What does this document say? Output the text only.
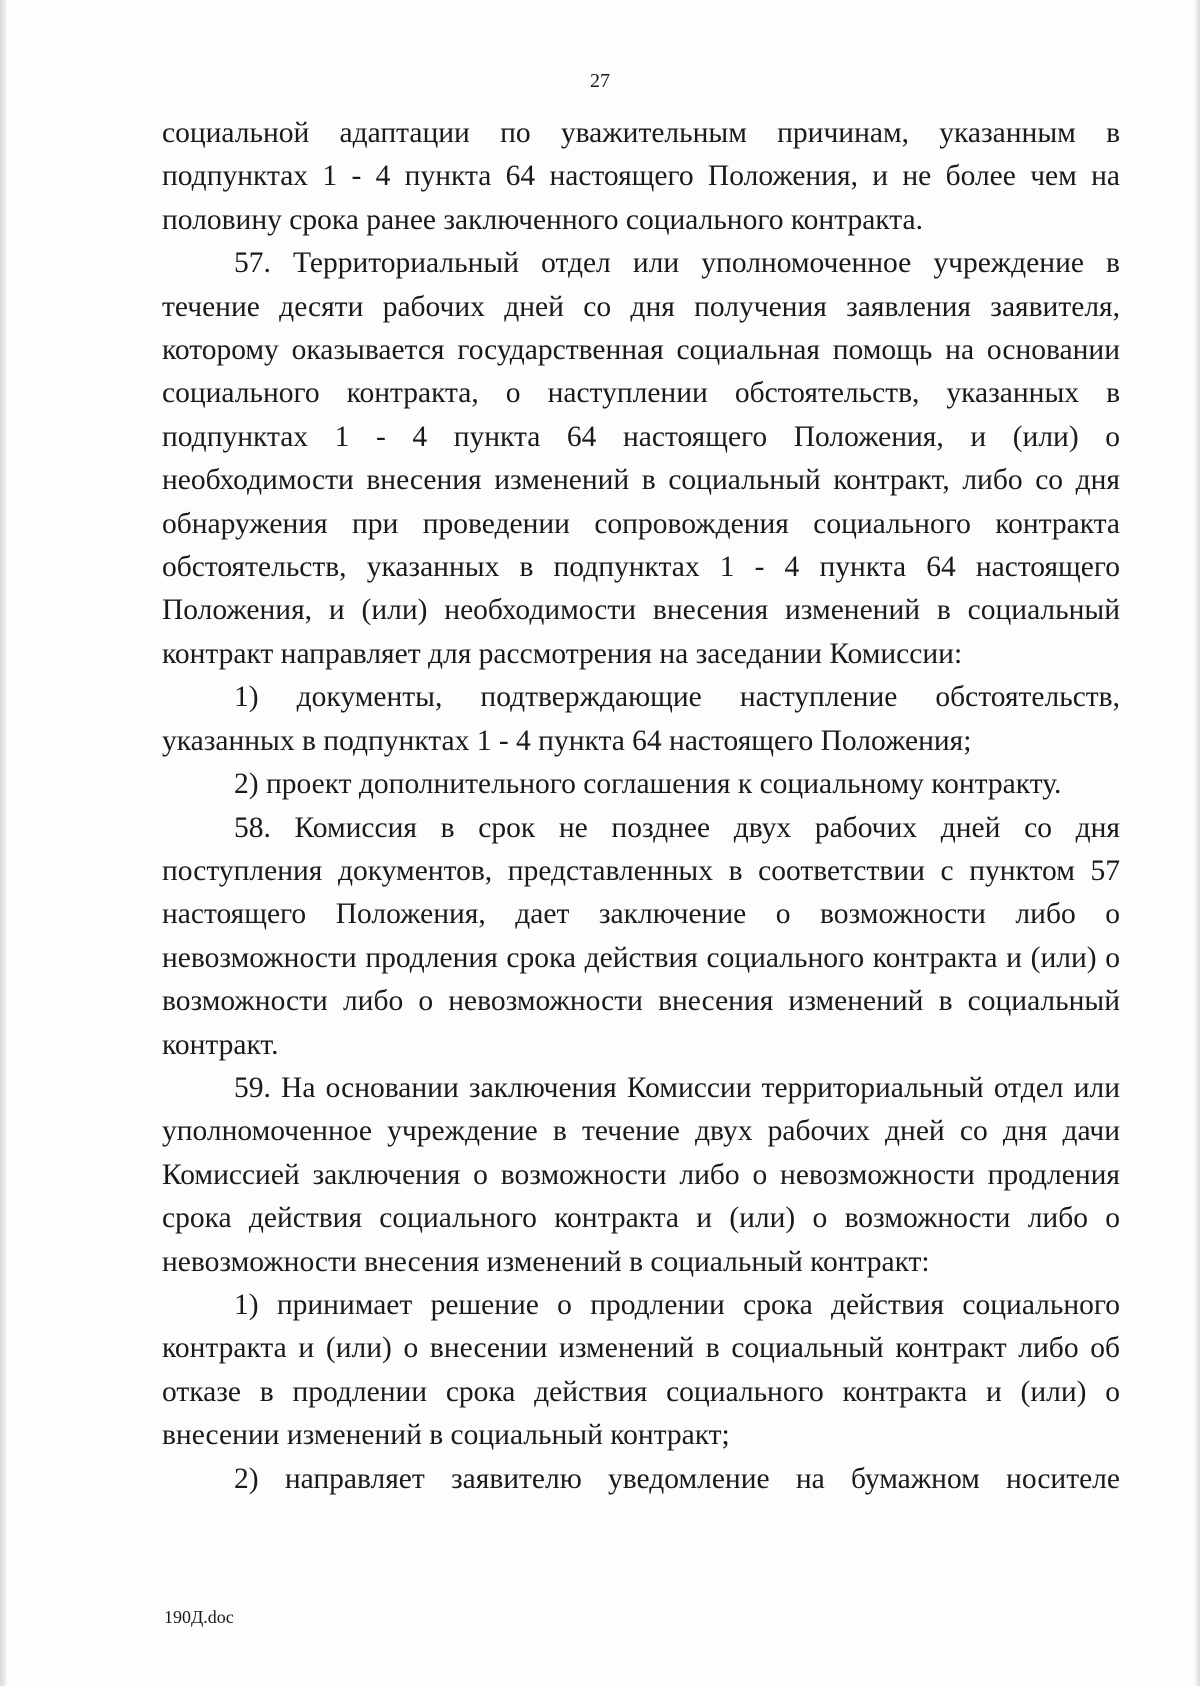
27

социальной адаптации по уважительным причинам, указанным в подпунктах 1 - 4 пункта 64 настоящего Положения, и не более чем на половину срока ранее заключенного социального контракта.

57. Территориальный отдел или уполномоченное учреждение в течение десяти рабочих дней со дня получения заявления заявителя, которому оказывается государственная социальная помощь на основании социального контракта, о наступлении обстоятельств, указанных в подпунктах 1 - 4 пункта 64 настоящего Положения, и (или) о необходимости внесения изменений в социальный контракт, либо со дня обнаружения при проведении сопровождения социального контракта обстоятельств, указанных в подпунктах 1 - 4 пункта 64 настоящего Положения, и (или) необходимости внесения изменений в социальный контракт направляет для рассмотрения на заседании Комиссии:

1) документы, подтверждающие наступление обстоятельств, указанных в подпунктах 1 - 4 пункта 64 настоящего Положения;

2) проект дополнительного соглашения к социальному контракту.

58. Комиссия в срок не позднее двух рабочих дней со дня поступления документов, представленных в соответствии с пунктом 57 настоящего Положения, дает заключение о возможности либо о невозможности продления срока действия социального контракта и (или) о возможности либо о невозможности внесения изменений в социальный контракт.

59. На основании заключения Комиссии территориальный отдел или уполномоченное учреждение в течение двух рабочих дней со дня дачи Комиссией заключения о возможности либо о невозможности продления срока действия социального контракта и (или) о возможности либо о невозможности внесения изменений в социальный контракт:

1) принимает решение о продлении срока действия социального контракта и (или) о внесении изменений в социальный контракт либо об отказе в продлении срока действия социального контракта и (или) о внесении изменений в социальный контракт;

2) направляет заявителю уведомление на бумажном носителе

190Д.doc
